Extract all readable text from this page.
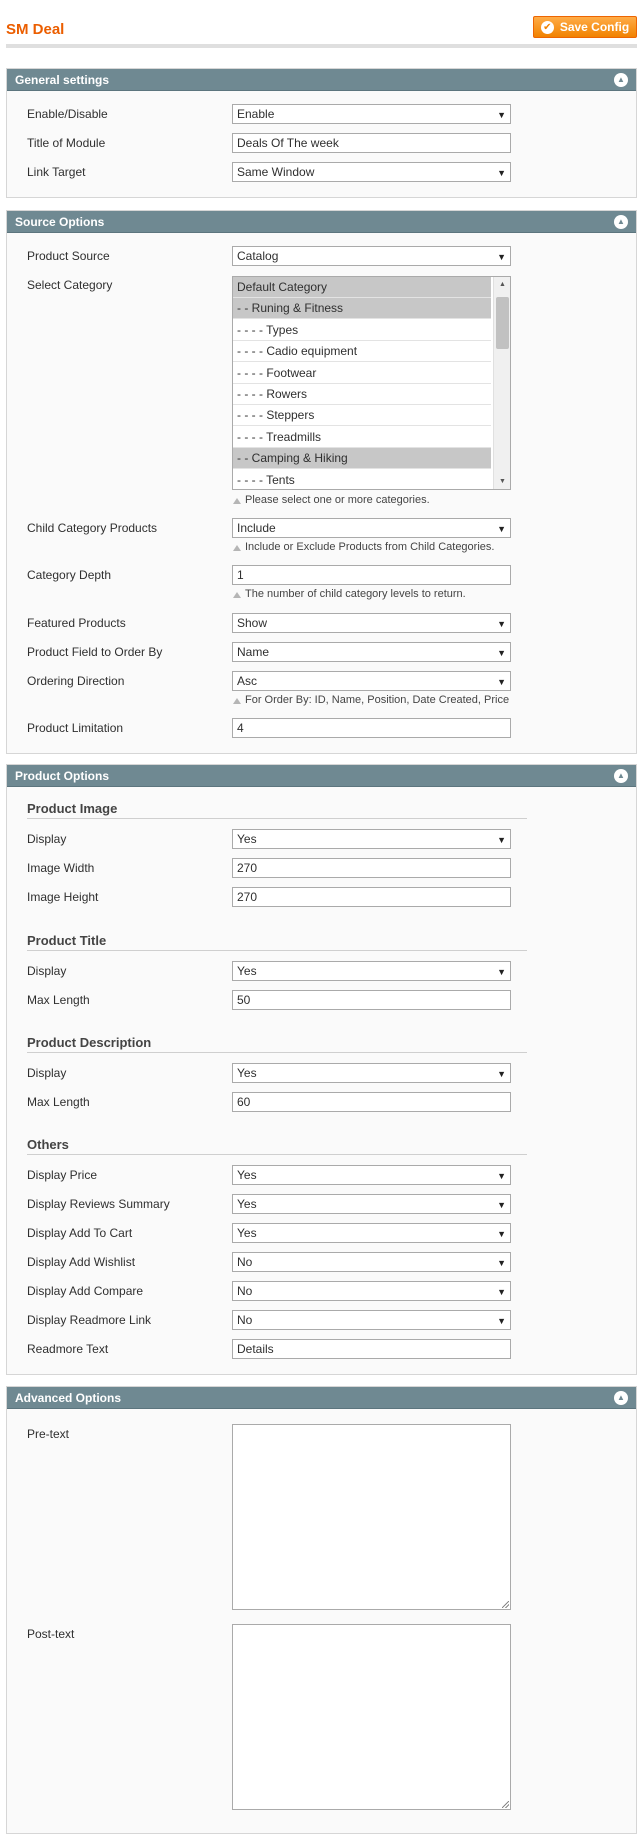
SM Deal	✔ Save Config
General settings	▲
Enable/Disable	Enable ▼
Title of Module	Deals Of The week
Link Target	Same Window ▼
Source Options	▲
Product Source	Catalog ▼
Select Category
- - - - Tents
- - Camping & Hiking
- - - - Treadmills
- - - - Steppers
- - - - Rowers
- - - - Footwear
- - - - Cadio equipment
- - - - Types
- - Runing & Fitness
Default Category	▲
▼
Please select one or more categories.
Child Category Products	Include ▼
Include or Exclude Products from Child Categories.
Category Depth	1
The number of child category levels to return.
Featured Products	Show ▼
Product Field to Order By	Name ▼
Ordering Direction	Asc ▼
For Order By: ID, Name, Position, Date Created, Price
Product Limitation	4
Product Options	▲
Product Image
Display	Yes ▼
Image Width	270
Image Height	270
Product Title
Display	Yes ▼
Max Length	50
Product Description
Display	Yes ▼
Max Length	60
Others
Display Price	Yes ▼
Display Reviews Summary	Yes ▼
Display Add To Cart	Yes ▼
Display Add Wishlist	No ▼
Display Add Compare	No ▼
Display Readmore Link	No ▼
Readmore Text	Details
Advanced Options	▲
Pre-text
Post-text
